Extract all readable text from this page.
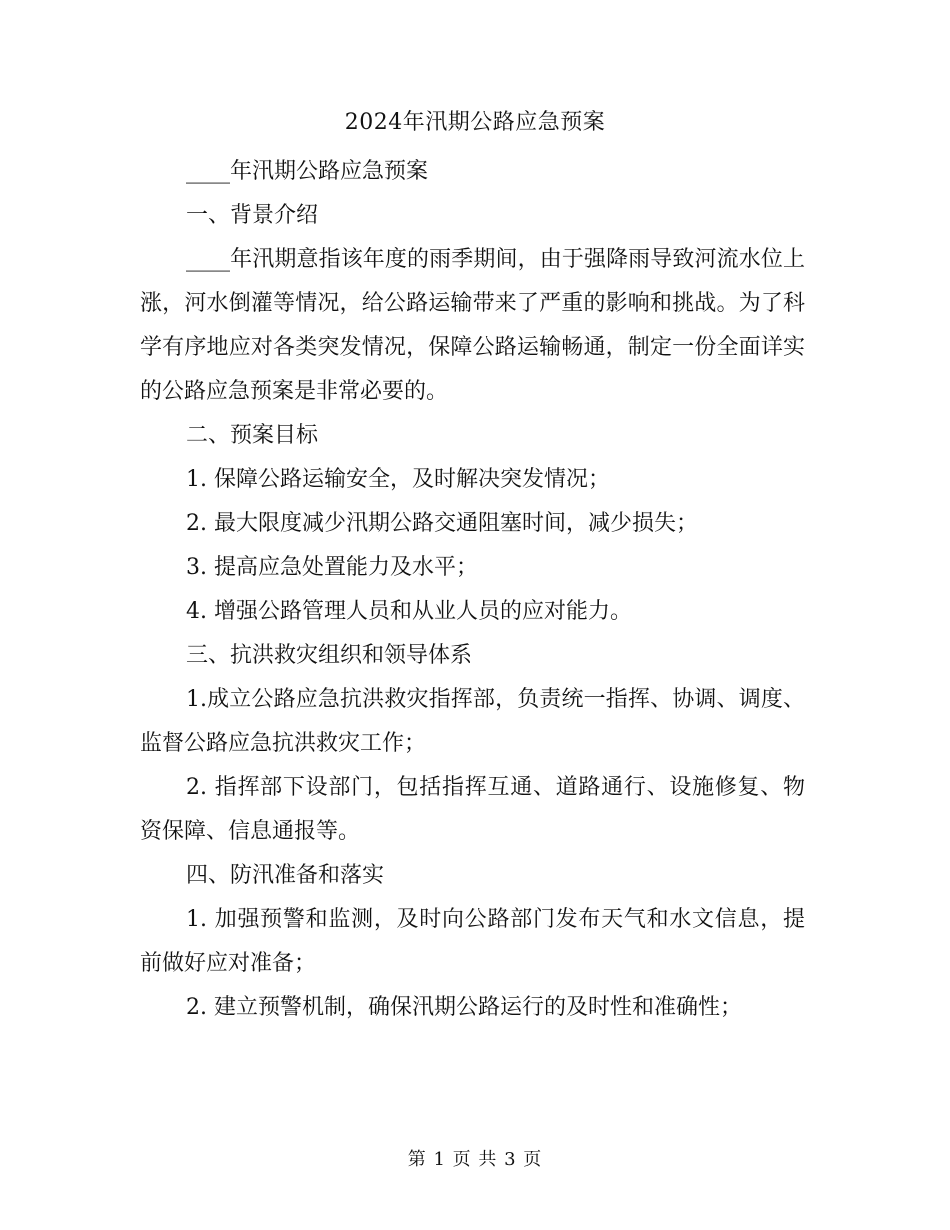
2024年汛期公路应急预案

____年汛期公路应急预案

一、背景介绍

____年汛期意指该年度的雨季期间，由于强降雨导致河流水位上涨，河水倒灌等情况，给公路运输带来了严重的影响和挑战。为了科学有序地应对各类突发情况，保障公路运输畅通，制定一份全面详实的公路应急预案是非常必要的。

二、预案目标

1. 保障公路运输安全，及时解决突发情况；

2. 最大限度减少汛期公路交通阻塞时间，减少损失；

3. 提高应急处置能力及水平；

4. 增强公路管理人员和从业人员的应对能力。

三、抗洪救灾组织和领导体系

1.成立公路应急抗洪救灾指挥部，负责统一指挥、协调、调度、监督公路应急抗洪救灾工作；

2. 指挥部下设部门，包括指挥互通、道路通行、设施修复、物资保障、信息通报等。

四、防汛准备和落实

1. 加强预警和监测，及时向公路部门发布天气和水文信息，提前做好应对准备；

2. 建立预警机制，确保汛期公路运行的及时性和准确性；

第 1 页 共 3 页
